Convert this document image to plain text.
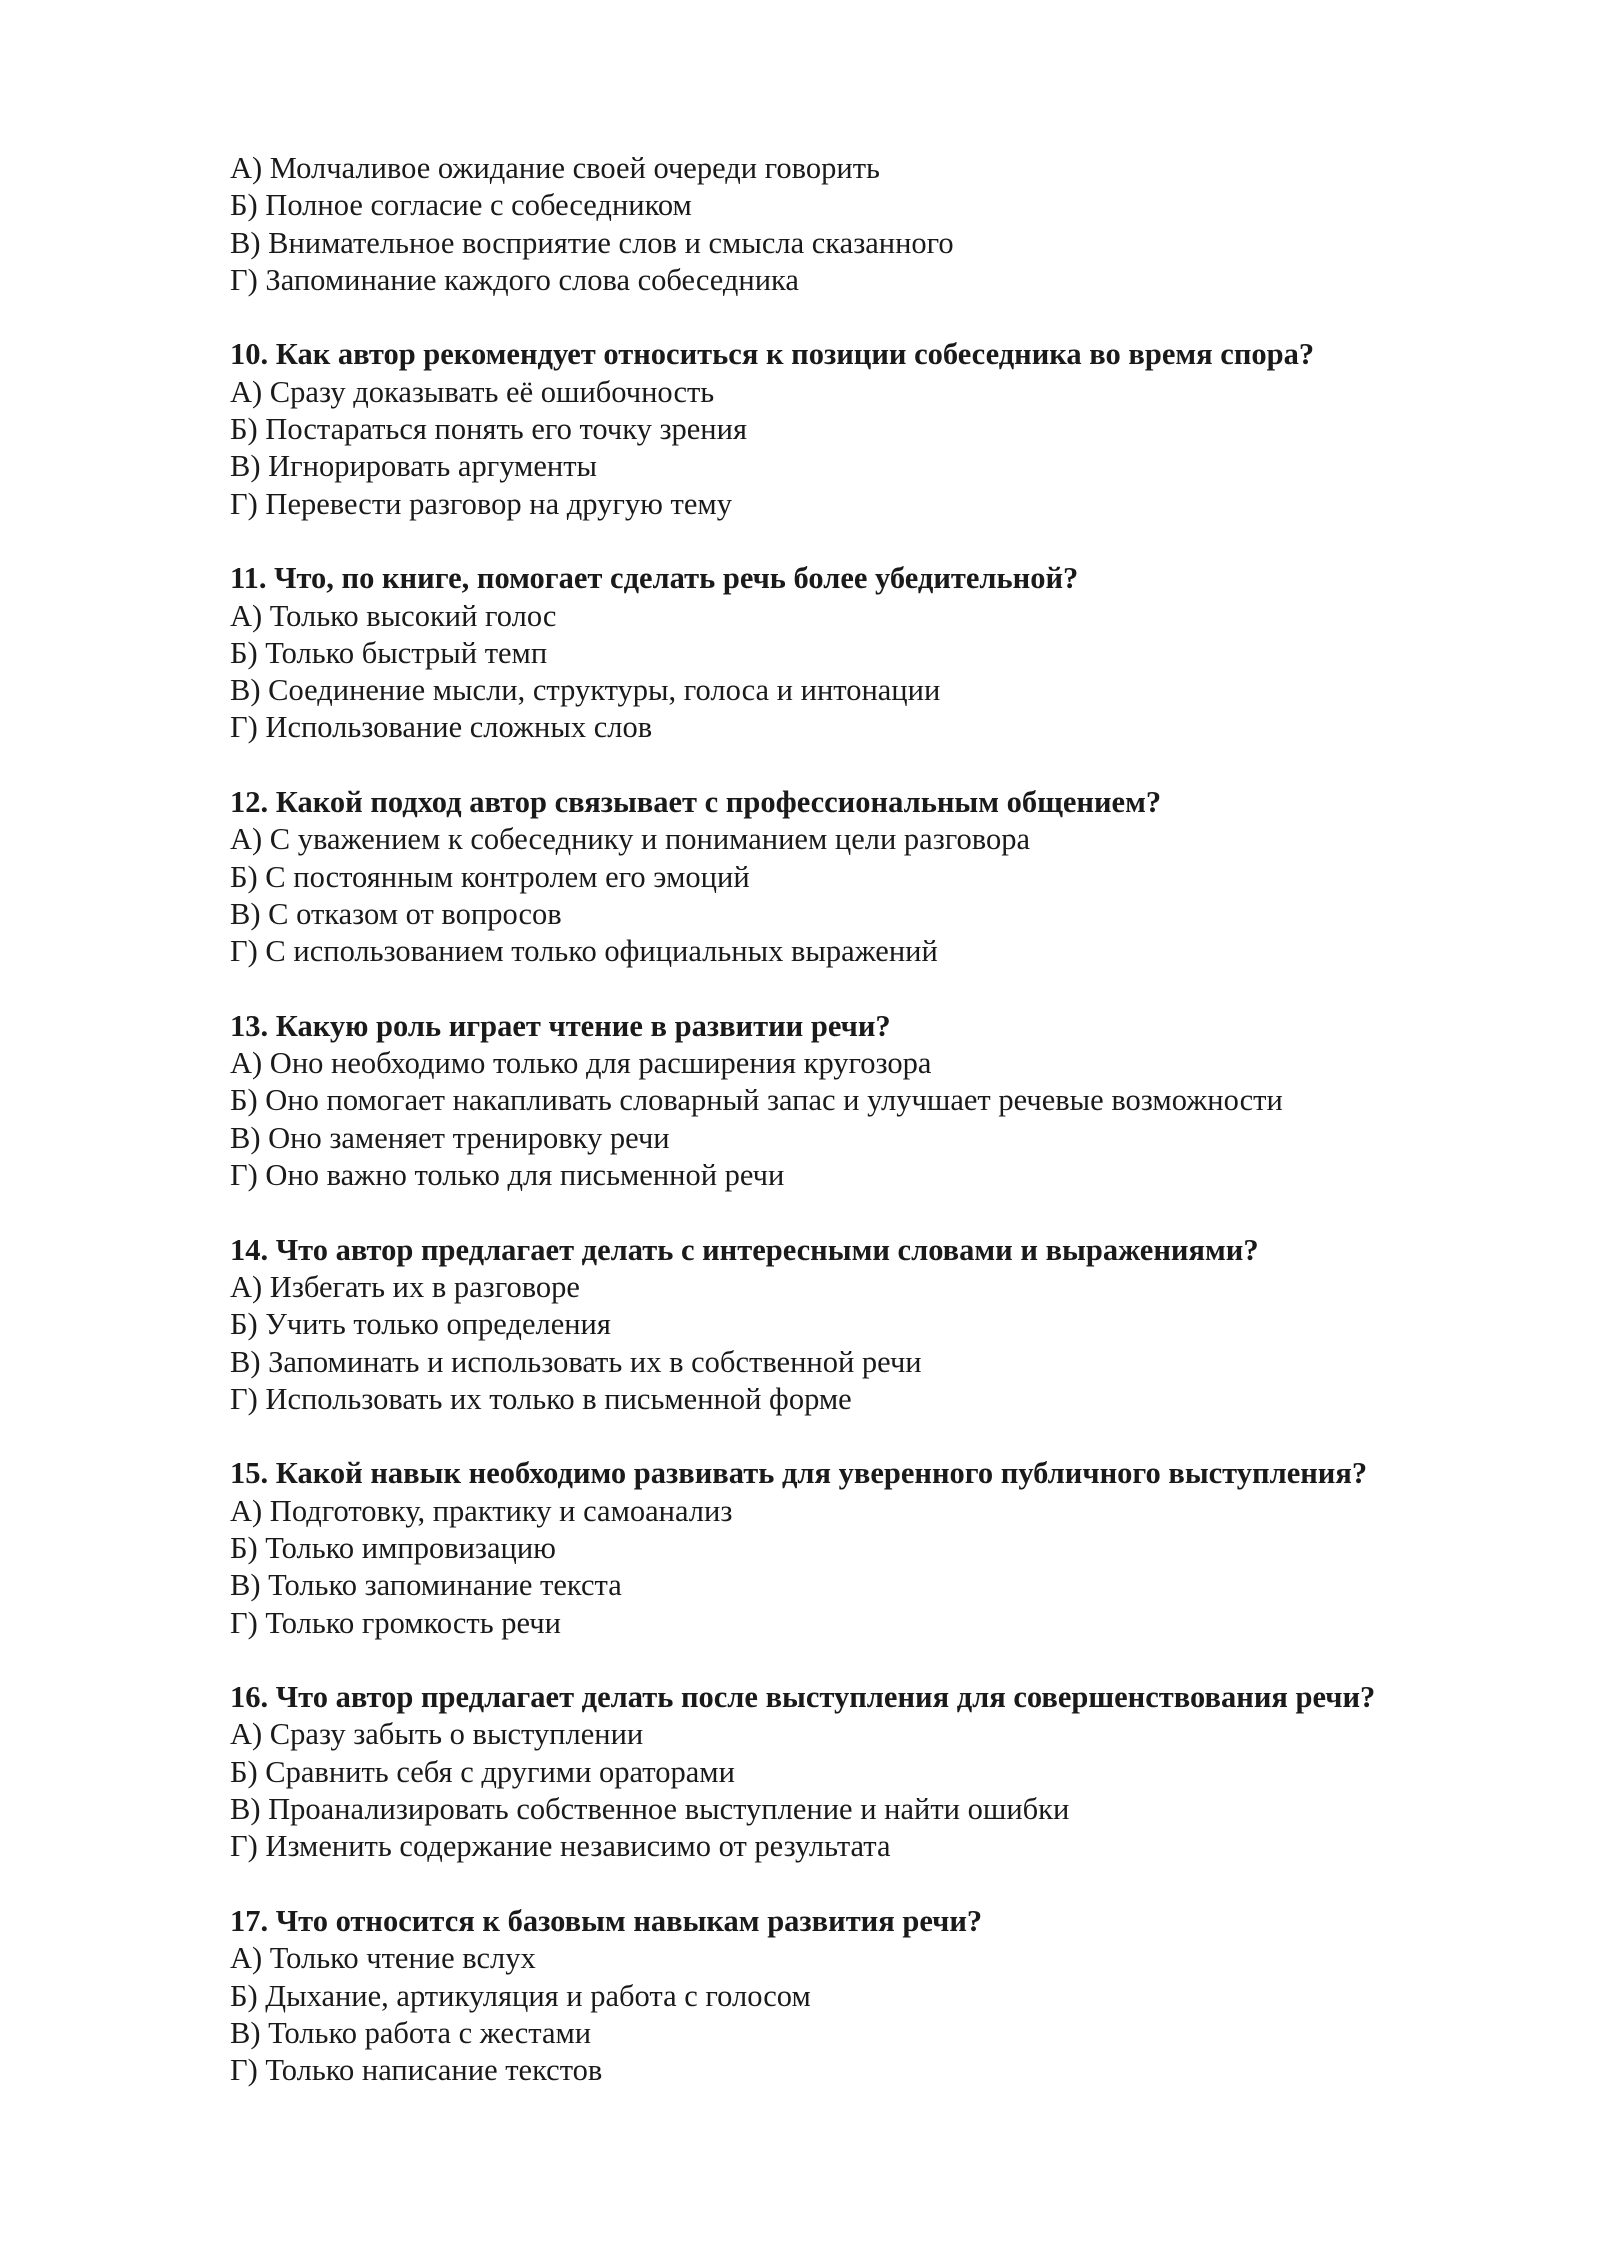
А) Молчаливое ожидание своей очереди говорить

Б) Полное согласие с собеседником

В) Внимательное восприятие слов и смысла сказанного

Г) Запоминание каждого слова собеседника

10. Как автор рекомендует относиться к позиции собеседника во время спора?

А) Сразу доказывать её ошибочность

Б) Постараться понять его точку зрения

В) Игнорировать аргументы

Г) Перевести разговор на другую тему

11. Что, по книге, помогает сделать речь более убедительной?

А) Только высокий голос

Б) Только быстрый темп

В) Соединение мысли, структуры, голоса и интонации

Г) Использование сложных слов

12. Какой подход автор связывает с профессиональным общением?

А) С уважением к собеседнику и пониманием цели разговора

Б) С постоянным контролем его эмоций

В) С отказом от вопросов

Г) С использованием только официальных выражений

13. Какую роль играет чтение в развитии речи?

А) Оно необходимо только для расширения кругозора

Б) Оно помогает накапливать словарный запас и улучшает речевые возможности

В) Оно заменяет тренировку речи

Г) Оно важно только для письменной речи

14. Что автор предлагает делать с интересными словами и выражениями?

А) Избегать их в разговоре

Б) Учить только определения

В) Запоминать и использовать их в собственной речи

Г) Использовать их только в письменной форме

15. Какой навык необходимо развивать для уверенного публичного выступления?

А) Подготовку, практику и самоанализ

Б) Только импровизацию

В) Только запоминание текста

Г) Только громкость речи

16. Что автор предлагает делать после выступления для совершенствования речи?

А) Сразу забыть о выступлении

Б) Сравнить себя с другими ораторами

В) Проанализировать собственное выступление и найти ошибки

Г) Изменить содержание независимо от результата

17. Что относится к базовым навыкам развития речи?

А) Только чтение вслух

Б) Дыхание, артикуляция и работа с голосом

В) Только работа с жестами

Г) Только написание текстов
